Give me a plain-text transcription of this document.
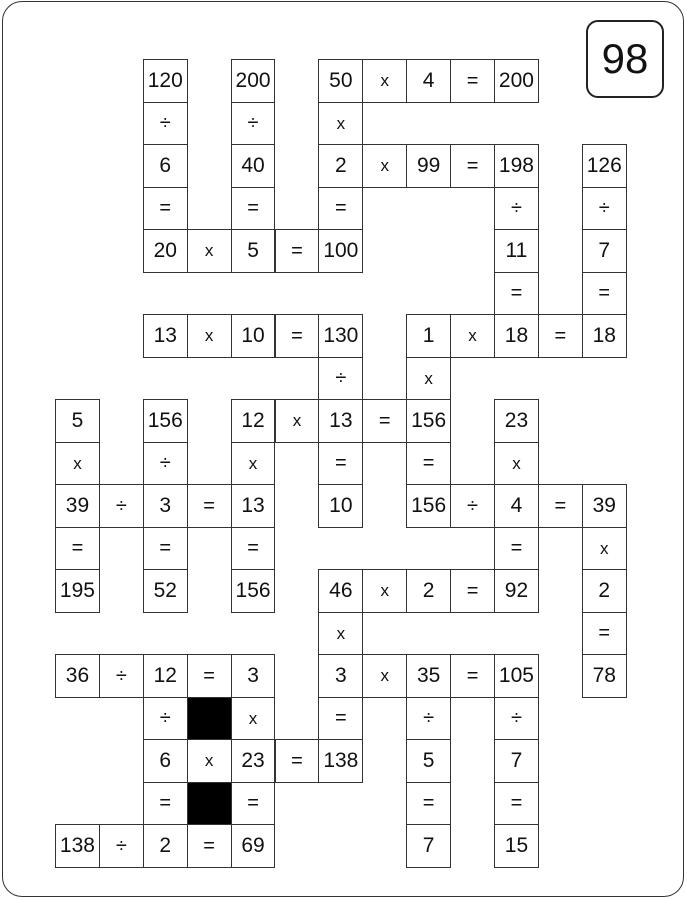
98
120	200	50	x	4	= 200
÷	÷	x
6	40	2	x	99	= 198	126
=	=	=	÷	÷
20	x	5	= 100	11	7
=	=
13	x	10	= 130	1	x	18	=	18
÷	x
5	156	12	x	13	= 156	23
x	÷	x	=	=	x
39	÷	3	=	13	10	156	÷	4	=	39
=	=	=	=	x
195	52	156	46	x	2	=	92	2
x	=
36	÷	12	=	3	3	x	35	= 105	78
÷	x	=	÷	÷
6	x	23	= 138	5	7
=	=	=	=
138	÷	2	=	69	7	15
